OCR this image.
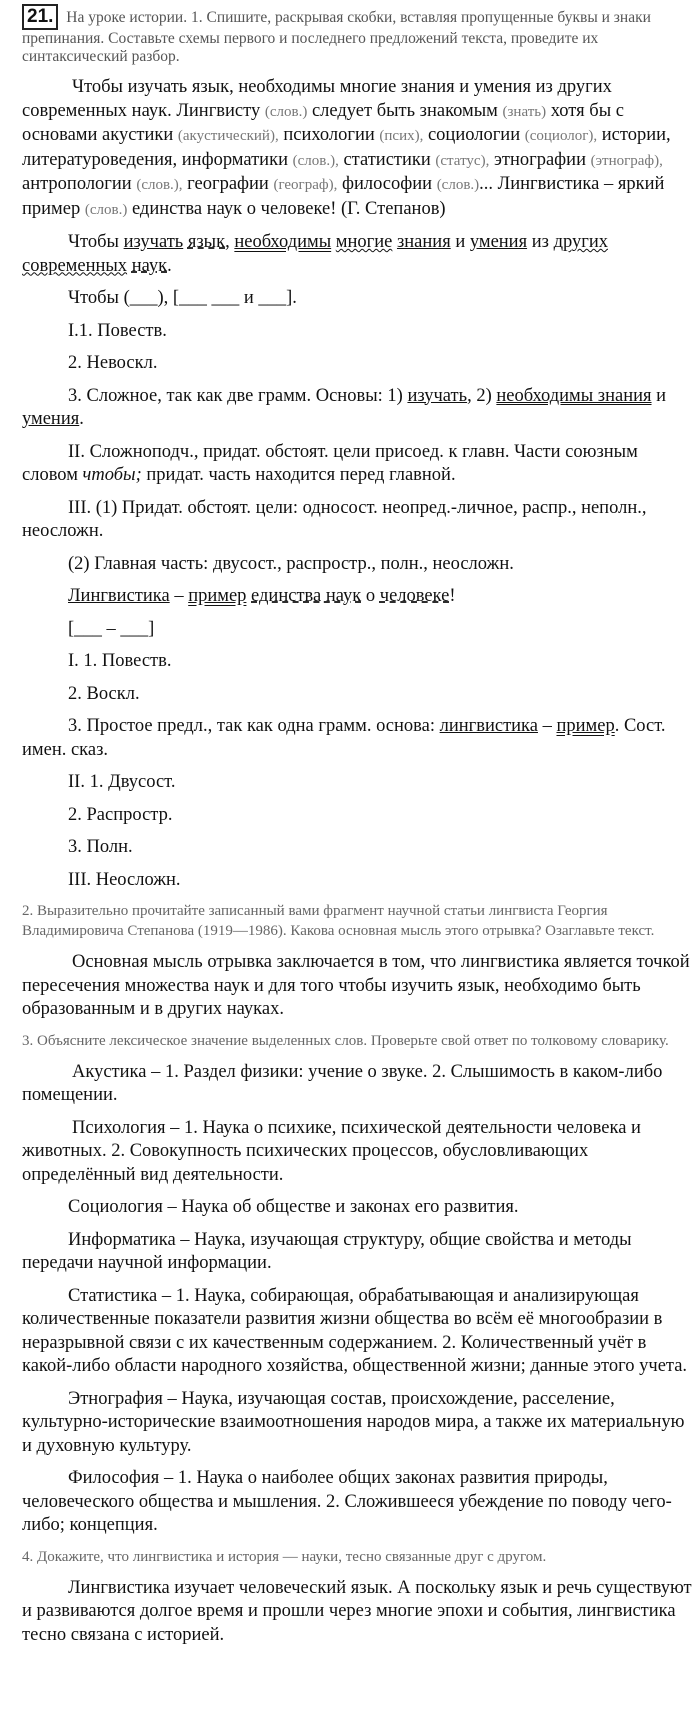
21. На уроке истории. 1. Спишите, раскрывая скобки, вставляя пропущенные буквы и знаки препинания. Составьте схемы первого и последнего предложений текста, проведите их синтаксический разбор.

Чтобы изучать язык, необходимы многие знания и умения из других современных наук. Лингвисту (слов.) следует быть знакомым (знать) хотя бы с основами акустики (акустический), психологии (псих), социологии (социолог), истории, литературоведения, информатики (слов.), статистики (статус), этнографии (этнограф), антропологии (слов.), географии (географ), философии (слов.)... Лингвистика – яркий пример (слов.) единства наук о человеке! (Г. Степанов)

Чтобы изучать язык, необходимы многие знания и умения из других современных наук.

Чтобы (___), [___ ___ и ___].

I.1. Повеств.

2. Невоскл.

3. Сложное, так как две грамм. Основы: 1) изучать, 2) необходимы знания и умения.

II. Сложноподч., придат. обстоят. цели присоед. к главн. Части союзным словом чтобы; придат. часть находится перед главной.

III. (1) Придат. обстоят. цели: односост. неопред.-личное, распр., неполн., неосложн.

(2) Главная часть: двусост., распростр., полн., неосложн.

Лингвистика – пример единства наук о человеке!

[___ – ___]

I. 1. Повеств.

2. Воскл.

3. Простое предл., так как одна грамм. основа: лингвистика – пример. Сост. имен. сказ.

II. 1. Двусост.

2. Распростр.

3. Полн.

III. Неосложн.

2. Выразительно прочитайте записанный вами фрагмент научной статьи лингвиста Георгия Владимировича Степанова (1919—1986). Какова основная мысль этого отрывка? Озаглавьте текст.

Основная мысль отрывка заключается в том, что лингвистика является точкой пересечения множества наук и для того чтобы изучить язык, необходимо быть образованным и в других науках.

3. Объясните лексическое значение выделенных слов. Проверьте свой ответ по толковому словарику.

Акустика – 1. Раздел физики: учение о звуке. 2. Слышимость в каком-либо помещении.

Психология – 1. Наука о психике, психической деятельности человека и животных. 2. Совокупность психических процессов, обусловливающих определённый вид деятельности.

Социология – Наука об обществе и законах его развития.

Информатика – Наука, изучающая структуру, общие свойства и методы передачи научной информации.

Статистика – 1. Наука, собирающая, обрабатывающая и анализирующая количественные показатели развития жизни общества во всём её многообразии в неразрывной связи с их качественным содержанием. 2. Количественный учёт в какой-либо области народного хозяйства, общественной жизни; данные этого учета.

Этнография – Наука, изучающая состав, происхождение, расселение, культурно-исторические взаимоотношения народов мира, а также их материальную и духовную культуру.

Философия – 1. Наука о наиболее общих законах развития природы, человеческого общества и мышления. 2. Сложившееся убеждение по поводу чего-либо; концепция.

4. Докажите, что лингвистика и история — науки, тесно связанные друг с другом.

Лингвистика изучает человеческий язык. А поскольку язык и речь существуют и развиваются долгое время и прошли через многие эпохи и события, лингвистика тесно связана с историей.
